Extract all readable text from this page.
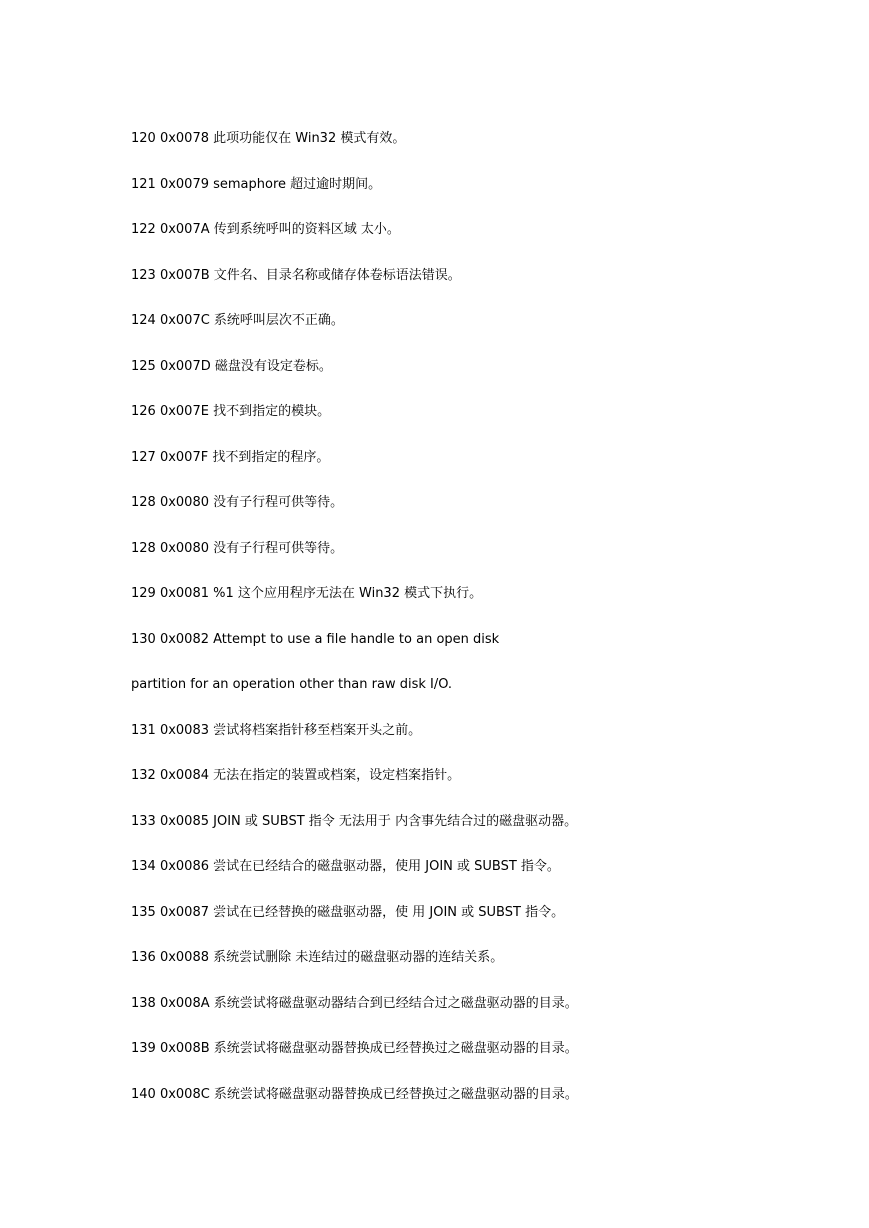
120 0x0078 此项功能仅在 Win32 模式有效。

121 0x0079 semaphore 超过逾时期间。

122 0x007A 传到系统呼叫的资料区域 太小。

123 0x007B 文件名、目录名称或储存体卷标语法错误。

124 0x007C 系统呼叫层次不正确。

125 0x007D 磁盘没有设定卷标。

126 0x007E 找不到指定的模块。

127 0x007F 找不到指定的程序。

128 0x0080 没有子行程可供等待。

128 0x0080 没有子行程可供等待。

129 0x0081 %1 这个应用程序无法在 Win32 模式下执行。

130 0x0082 Attempt to use a file handle to an open disk

partition for an operation other than raw disk I/O.

131 0x0083 尝试将档案指针移至档案开头之前。

132 0x0084 无法在指定的装置或档案，设定档案指针。

133 0x0085 JOIN 或 SUBST 指令 无法用于 内含事先结合过的磁盘驱动器。

134 0x0086 尝试在已经结合的磁盘驱动器，使用 JOIN 或 SUBST 指令。

135 0x0087 尝试在已经替换的磁盘驱动器，使 用 JOIN 或 SUBST 指令。

136 0x0088 系统尝试删除 未连结过的磁盘驱动器的连结关系。

138 0x008A 系统尝试将磁盘驱动器结合到已经结合过之磁盘驱动器的目录。

139 0x008B 系统尝试将磁盘驱动器替换成已经替换过之磁盘驱动器的目录。

140 0x008C 系统尝试将磁盘驱动器替换成已经替换过之磁盘驱动器的目录。
